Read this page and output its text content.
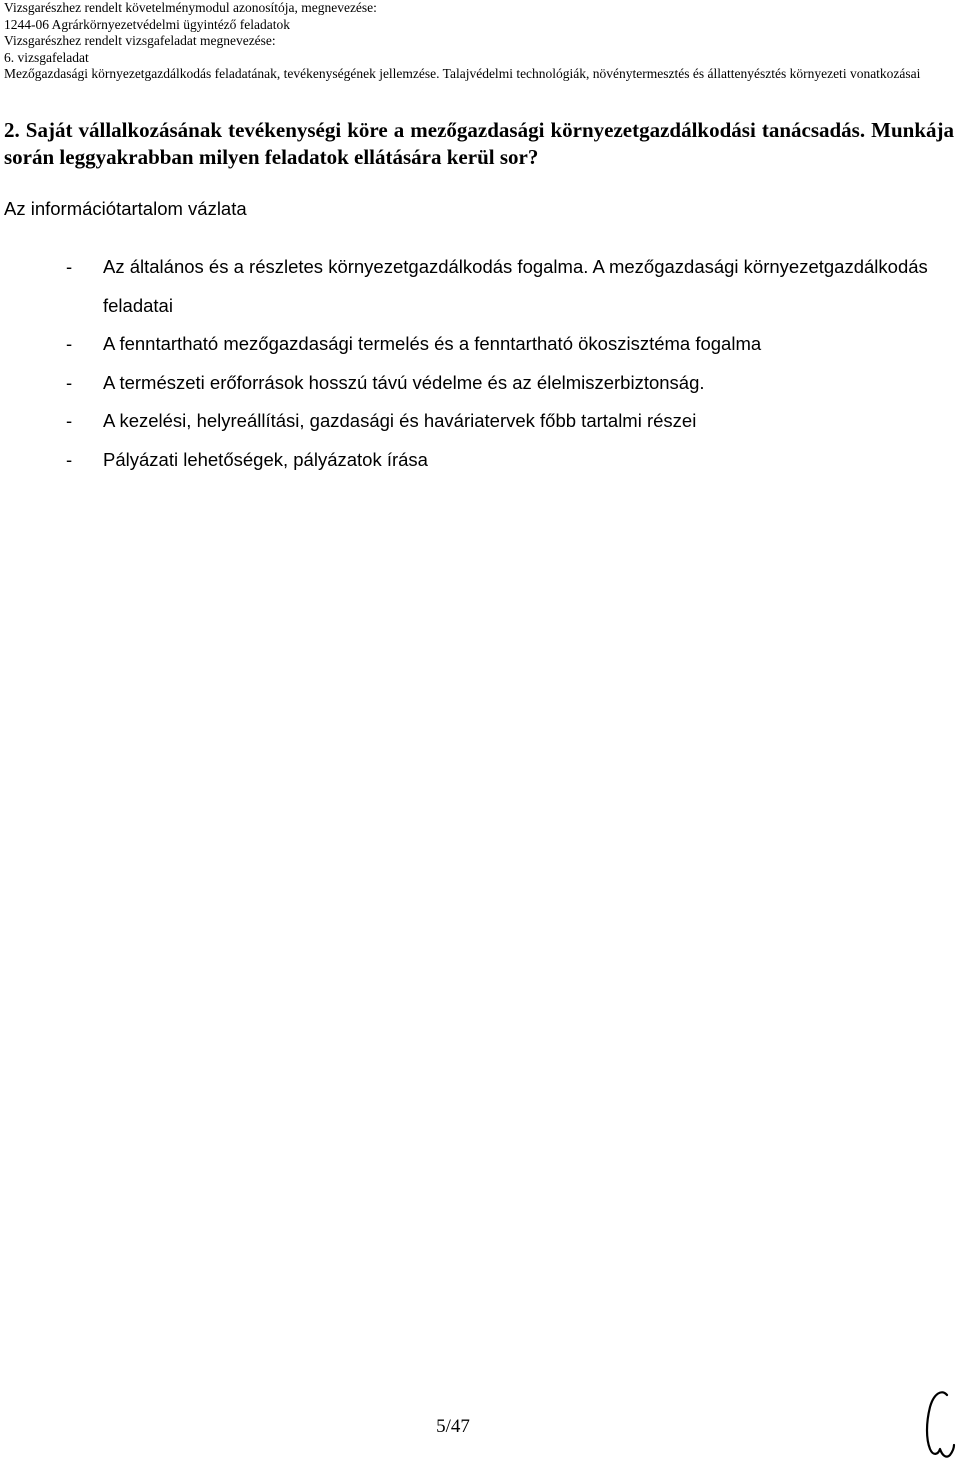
Vizsgarészhez rendelt követelménymodul azonosítója, megnevezése:
1244-06 Agrárkörnyezetvédelmi ügyintéző feladatok
Vizsgarészhez rendelt vizsgafeladat megnevezése:
6. vizsgafeladat
Mezőgazdasági környezetgazdálkodás feladatának, tevékenységének jellemzése. Talajvédelmi technológiák, növénytermesztés és állattenyésztés környezeti vonatkozásai
2. Saját vállalkozásának tevékenységi köre a mezőgazdasági környezetgazdálkodási tanácsadás. Munkája során leggyakrabban milyen feladatok ellátására kerül sor?
Az információtartalom vázlata
- Az általános és a részletes környezetgazdálkodás fogalma. A mezőgazdasági környezetgazdálkodás feladatai
- A fenntartható mezőgazdasági termelés és a fenntartható ökoszisztéma fogalma
- A természeti erőforrások hosszú távú védelme és az élelmiszerbiztonság.
- A kezelési, helyreállítási, gazdasági és haváriatervek főbb tartalmi részei
- Pályázati lehetőségek, pályázatok írása
5/47
